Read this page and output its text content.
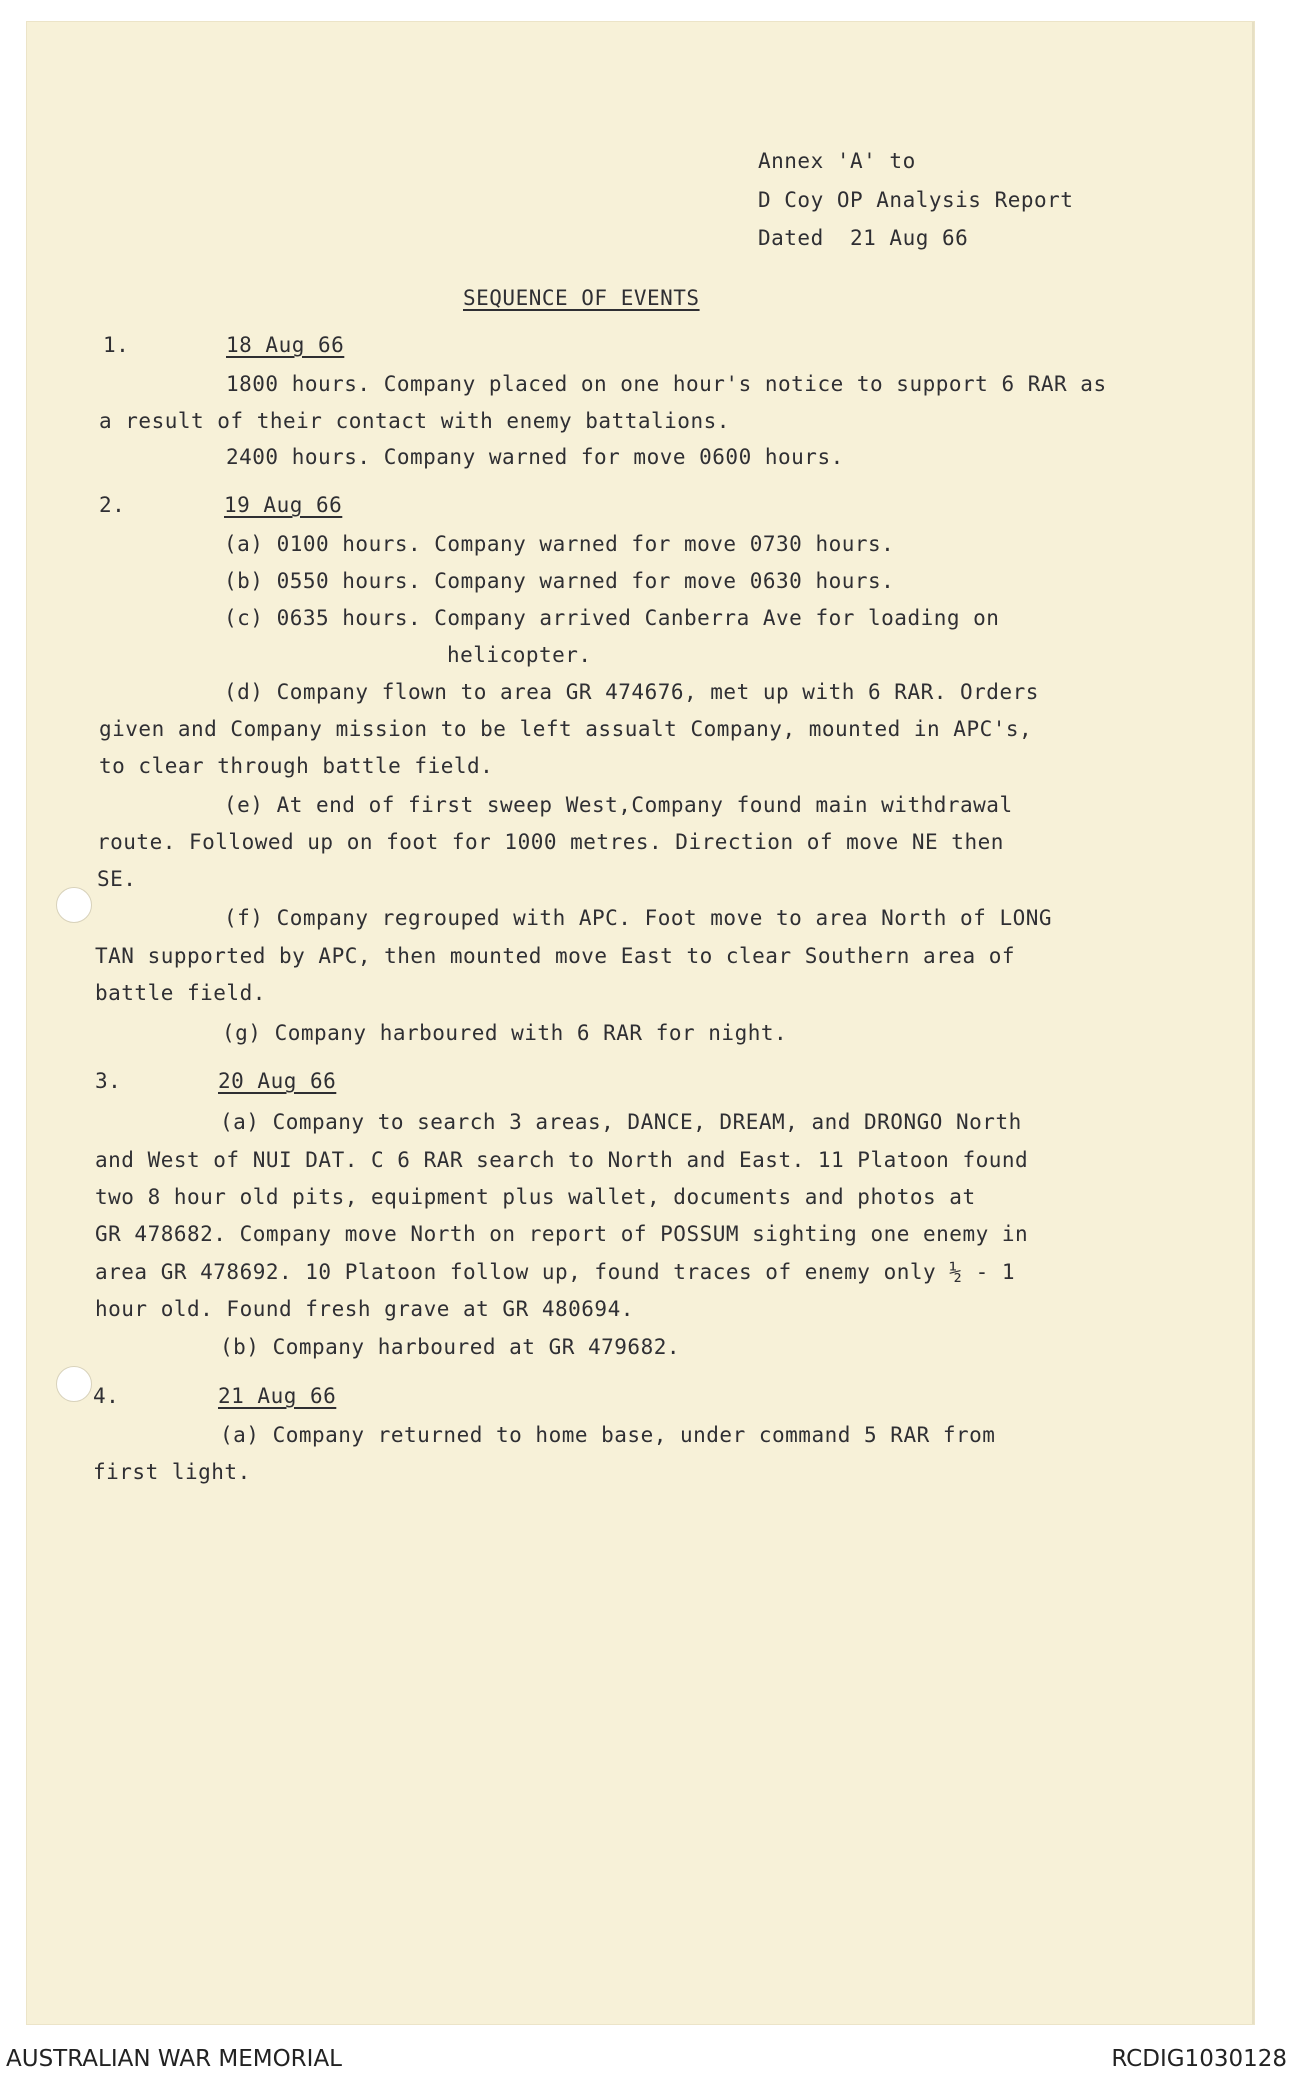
Annex 'A' to
D Coy OP Analysis Report
Dated  21 Aug 66
SEQUENCE OF EVENTS
1.	18 Aug 66
1800 hours. Company placed on one hour's notice to support 6 RAR as
a result of their contact with enemy battalions.
2400 hours. Company warned for move 0600 hours.
2.	19 Aug 66
(a) 0100 hours. Company warned for move 0730 hours.
(b) 0550 hours. Company warned for move 0630 hours.
(c) 0635 hours. Company arrived Canberra Ave for loading on
helicopter.
(d) Company flown to area GR 474676, met up with 6 RAR. Orders
given and Company mission to be left assualt Company, mounted in APC's,
to clear through battle field.
(e) At end of first sweep West,Company found main withdrawal
route. Followed up on foot for 1000 metres. Direction of move NE then
SE.
(f) Company regrouped with APC. Foot move to area North of LONG
TAN supported by APC, then mounted move East to clear Southern area of
battle field.
(g) Company harboured with 6 RAR for night.
3.	20 Aug 66
(a) Company to search 3 areas, DANCE, DREAM, and DRONGO North
and West of NUI DAT. C 6 RAR search to North and East. 11 Platoon found
two 8 hour old pits, equipment plus wallet, documents and photos at
GR 478682. Company move North on report of POSSUM sighting one enemy in
area GR 478692. 10 Platoon follow up, found traces of enemy only ½ - 1
hour old. Found fresh grave at GR 480694.
(b) Company harboured at GR 479682.
4.	21 Aug 66
(a) Company returned to home base, under command 5 RAR from
first light.
AUSTRALIAN WAR MEMORIAL	RCDIG1030128
